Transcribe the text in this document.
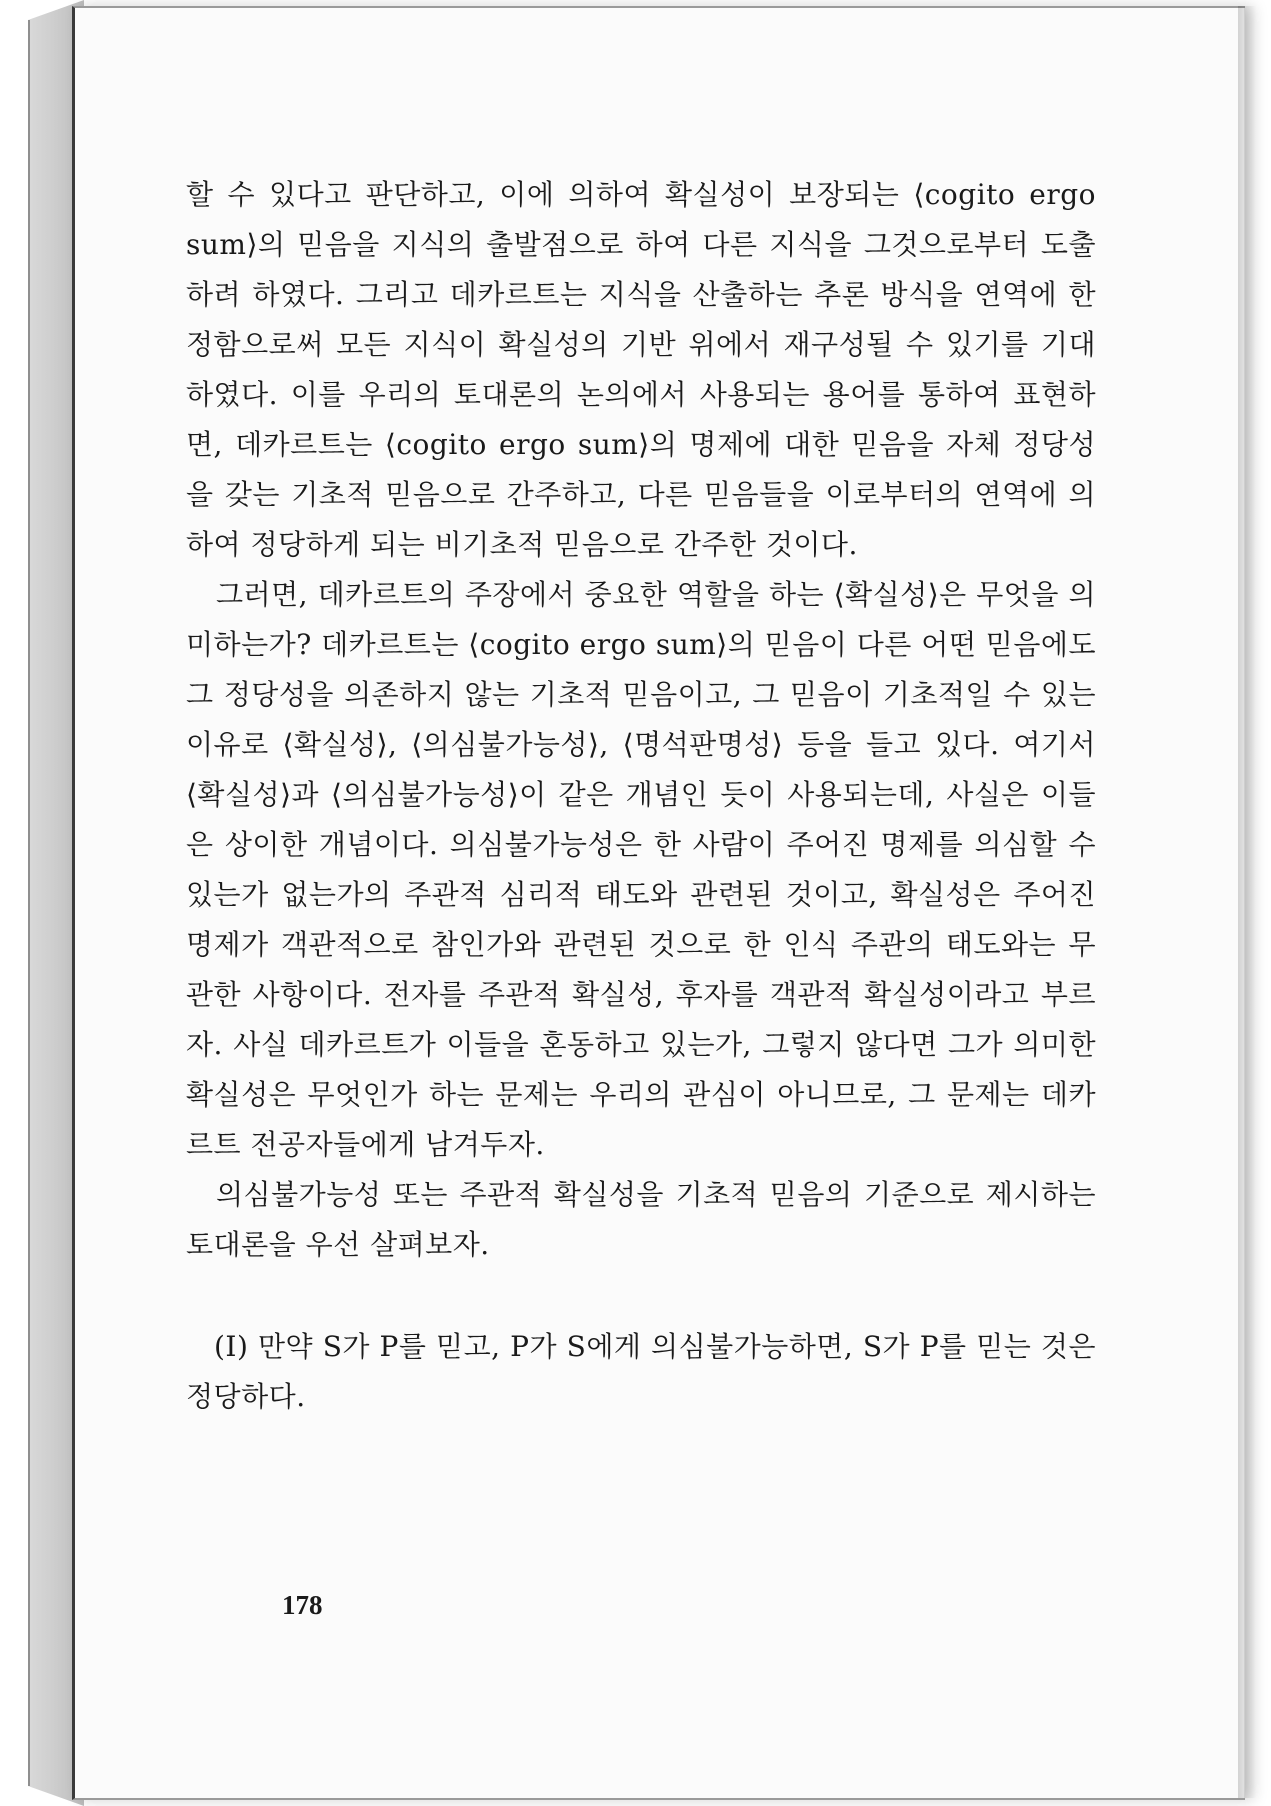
할 수 있다고 판단하고, 이에 의하여 확실성이 보장되는 ⟨cogito ergo sum⟩의 믿음을 지식의 출발점으로 하여 다른 지식을 그것으로부터 도출하려 하였다. 그리고 데카르트는 지식을 산출하는 추론 방식을 연역에 한정함으로써 모든 지식이 확실성의 기반 위에서 재구성될 수 있기를 기대하였다. 이를 우리의 토대론의 논의에서 사용되는 용어를 통하여 표현하면, 데카르트는 ⟨cogito ergo sum⟩의 명제에 대한 믿음을 자체 정당성을 갖는 기초적 믿음으로 간주하고, 다른 믿음들을 이로부터의 연역에 의하여 정당하게 되는 비기초적 믿음으로 간주한 것이다.

그러면, 데카르트의 주장에서 중요한 역할을 하는 ⟨확실성⟩은 무엇을 의미하는가? 데카르트는 ⟨cogito ergo sum⟩의 믿음이 다른 어떤 믿음에도 그 정당성을 의존하지 않는 기초적 믿음이고, 그 믿음이 기초적일 수 있는 이유로 ⟨확실성⟩, ⟨의심불가능성⟩, ⟨명석판명성⟩ 등을 들고 있다. 여기서 ⟨확실성⟩과 ⟨의심불가능성⟩이 같은 개념인 듯이 사용되는데, 사실은 이들은 상이한 개념이다. 의심불가능성은 한 사람이 주어진 명제를 의심할 수 있는가 없는가의 주관적 심리적 태도와 관련된 것이고, 확실성은 주어진 명제가 객관적으로 참인가와 관련된 것으로 한 인식 주관의 태도와는 무관한 사항이다. 전자를 주관적 확실성, 후자를 객관적 확실성이라고 부르자. 사실 데카르트가 이들을 혼동하고 있는가, 그렇지 않다면 그가 의미한 확실성은 무엇인가 하는 문제는 우리의 관심이 아니므로, 그 문제는 데카르트 전공자들에게 남겨두자.

의심불가능성 또는 주관적 확실성을 기초적 믿음의 기준으로 제시하는 토대론을 우선 살펴보자.

(I) 만약 S가 P를 믿고, P가 S에게 의심불가능하면, S가 P를 믿는 것은 정당하다.

178
